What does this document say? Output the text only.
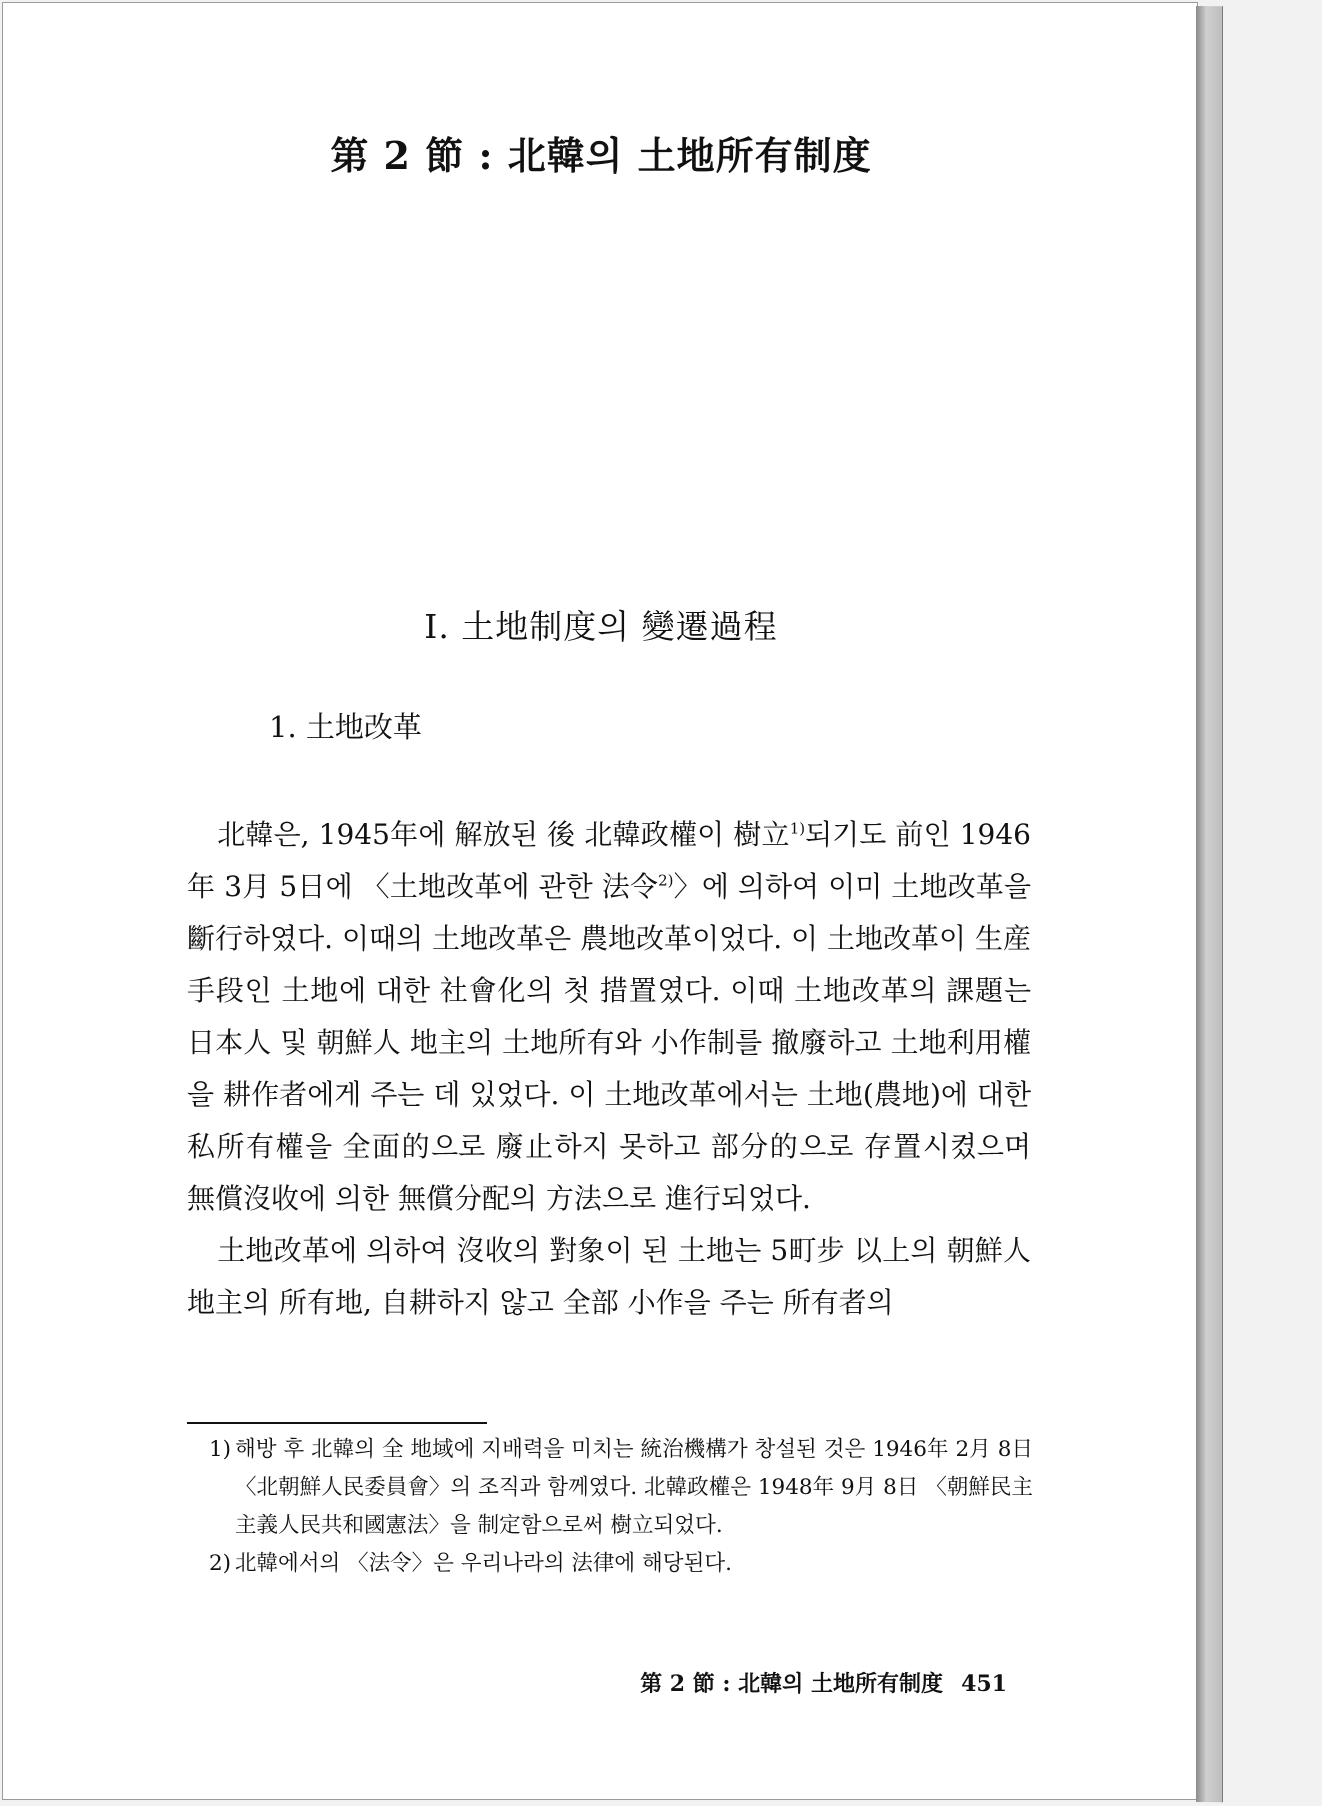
第 2 節 : 北韓의 土地所有制度
Ⅰ. 土地制度의 變遷過程
1. 土地改革

北韓은, 1945年에 解放된 後 北韓政權이 樹立$^{1)}$되기도 前인 1946年 3月 5日에 〈土地改革에 관한 法令$^{2)}$〉에 의하여 이미 土地改革을 斷行하였다. 이때의 土地改革은 農地改革이었다. 이 土地改革이 生産手段인 土地에 대한 社會化의 첫 措置였다. 이때 土地改革의 課題는 日本人 및 朝鮮人 地主의 土地所有와 小作制를 撤廢하고 土地利用權을 耕作者에게 주는 데 있었다. 이 土地改革에서는 土地(農地)에 대한 私所有權을 全面的으로 廢止하지 못하고 部分的으로 存置시켰으며 無償沒收에 의한 無償分配의 方法으로 進行되었다.

土地改革에 의하여 沒收의 對象이 된 土地는 5町步 以上의 朝鮮人地主의 所有地, 自耕하지 않고 全部 小作을 주는 所有者의

1) 해방 후 北韓의 全 地域에 지배력을 미치는 統治機構가 창설된 것은 1946年 2月 8日 〈北朝鮮人民委員會〉의 조직과 함께였다. 北韓政權은 1948年 9月 8日 〈朝鮮民主主義人民共和國憲法〉을 制定함으로써 樹立되었다.
2) 北韓에서의 〈法令〉은 우리나라의 法律에 해당된다.
第 2 節 : 北韓의 土地所有制度 451
